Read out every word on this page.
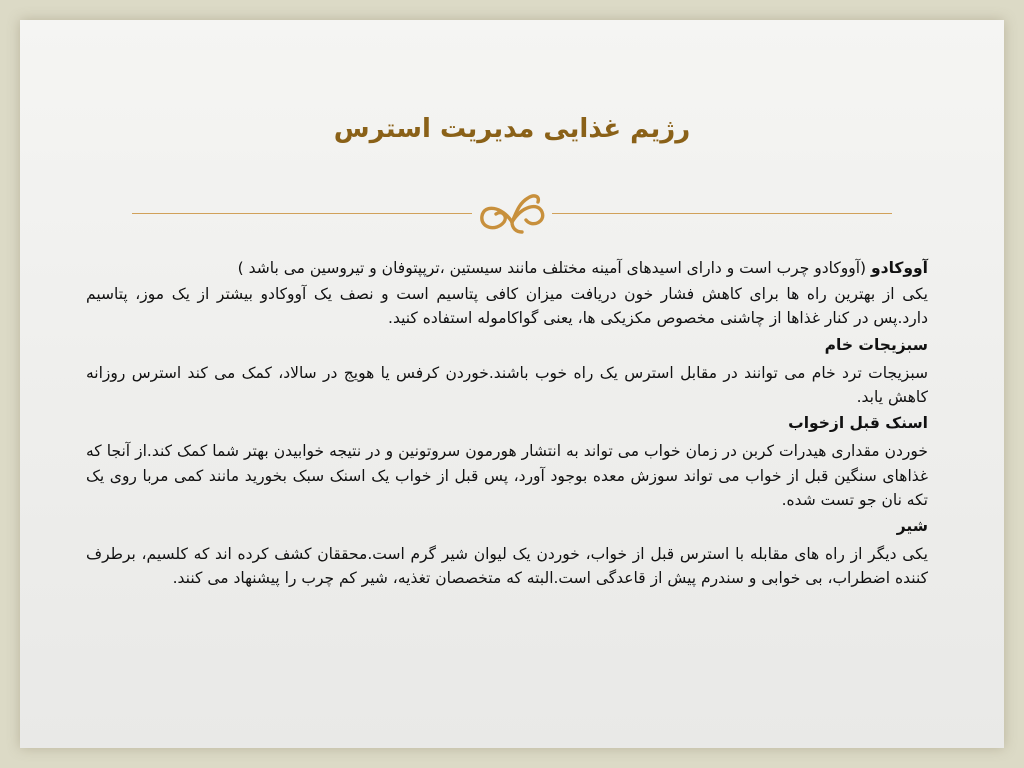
رژیم غذایی مدیریت استرس

آووکادو (آووکادو چرب است و دارای اسیدهای آمینه مختلف مانند سیستین ،ترپپتوفان و تیروسین می باشد )

یکی از بهترین راه ها برای کاهش فشار خون دریافت میزان کافی پتاسیم است و نصف یک آووکادو بیشتر از یک موز، پتاسیم دارد.پس در کنار غذاها از چاشنی مخصوص مکزیکی ها، یعنی گواکاموله استفاده کنید.

سبزیجات خام

سبزیجات ترد خام می توانند در مقابل استرس یک راه خوب باشند.خوردن کرفس یا هویج در سالاد، کمک می کند استرس روزانه کاهش یابد.

اسنک قبل ازخواب

خوردن مقداری هیدرات کربن در زمان خواب می تواند به انتشار هورمون سروتونین و در نتیجه خوابیدن بهتر شما کمک کند.از آنجا که غذاهای سنگین قبل از خواب می تواند سوزش معده بوجود آورد، پس قبل از خواب یک اسنک سبک بخورید مانند کمی مربا روی یک تکه نان جو تست شده.

شیر

یکی دیگر از راه های مقابله با استرس قبل از خواب، خوردن یک لیوان شیر گرم است.محققان کشف کرده اند که کلسیم، برطرف کننده اضطراب، بی خوابی و سندرم پیش از قاعدگی است.البته که متخصصان تغذیه، شیر کم چرب را پیشنهاد می کنند.
